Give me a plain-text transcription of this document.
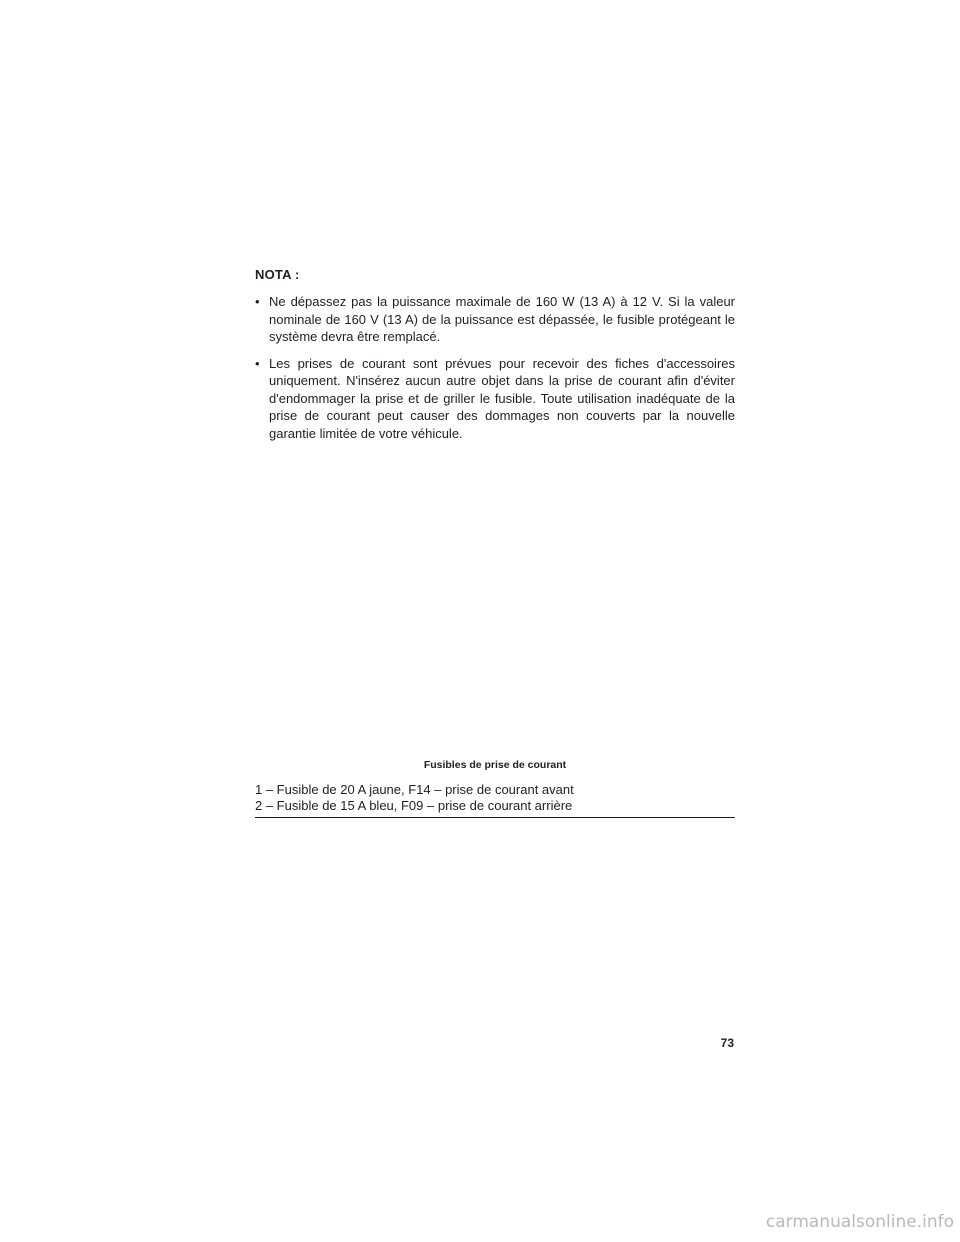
NOTA :
• Ne dépassez pas la puissance maximale de 160 W (13 A) à 12 V. Si la valeur nominale de 160 V (13 A) de la puissance est dépassée, le fusible protégeant le système devra être remplacé.
• Les prises de courant sont prévues pour recevoir des fiches d'accessoires uniquement. N'insérez aucun autre objet dans la prise de courant afin d'éviter d'endommager la prise et de griller le fusible. Toute utilisation inadéquate de la prise de courant peut causer des dommages non couverts par la nouvelle garantie limitée de votre véhicule.
Fusibles de prise de courant
1 – Fusible de 20 A jaune, F14 – prise de courant avant
2 – Fusible de 15 A bleu, F09 – prise de courant arrière
73
carmanualsonline.info
